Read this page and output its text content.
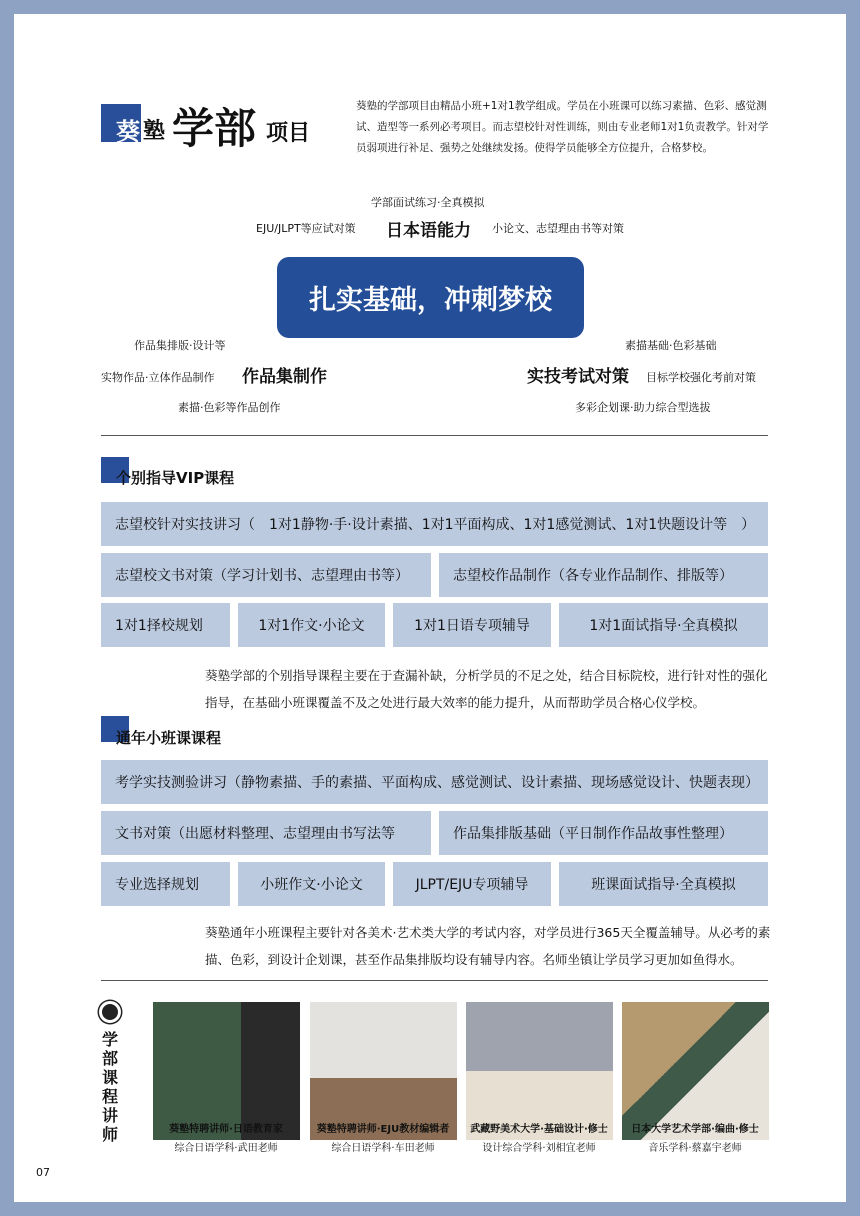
葵 塾 学部 项目
葵塾的学部项目由精品小班+1对1教学组成。学员在小班课可以练习素描、色彩、感觉测试、造型等一系列必考项目。而志望校针对性训练，则由专业老师1对1负责教学。针对学员弱项进行补足、强势之处继续发扬。使得学员能够全方位提升，合格梦校。
学部面试练习·全真模拟
EJU/JLPT等应试对策 日本语能力 小论文、志望理由书等对策
扎实基础，冲刺梦校
作品集排版·设计等
实物作品·立体作品制作 作品集制作
素描·色彩等作品创作
素描基础·色彩基础
实技考试对策 目标学校强化考前对策
多彩企划课·助力综合型选拔
个别指导VIP课程
志望校针对实技讲习（　1对1静物·手·设计素描、1对1平面构成、1对1感觉测试、1对1快题设计等　）
志望校文书对策（学习计划书、志望理由书等）	志望校作品制作（各专业作品制作、排版等）
1对1择校规划	1对1作文·小论文	1对1日语专项辅导	1对1面试指导·全真模拟
葵塾学部的个别指导课程主要在于查漏补缺，分析学员的不足之处，结合目标院校，进行针对性的强化指导，在基础小班课覆盖不及之处进行最大效率的能力提升，从而帮助学员合格心仪学校。
通年小班课课程
考学实技测验讲习（静物素描、手的素描、平面构成、感觉测试、设计素描、现场感觉设计、快题表现）
文书对策（出愿材料整理、志望理由书写法等	作品集排版基础（平日制作作品故事性整理）
专业选择规划	小班作文·小论文	JLPT/EJU专项辅导	班课面试指导·全真模拟
葵塾通年小班课程主要针对各美术·艺术类大学的考试内容，对学员进行365天全覆盖辅导。从必考的素描、色彩，到设计企划课，甚至作品集排版均设有辅导内容。名师坐镇让学员学习更加如鱼得水。
学部课程讲师	葵塾特聘讲师·日语教育家
综合日语学科·武田老师
葵塾特聘讲师·EJU教材编辑者
综合日语学科·车田老师
武藏野美术大学·基础设计·修士
设计综合学科·刘相宜老师
日本大学艺术学部·编曲·修士
音乐学科·蔡嘉宇老师
07
